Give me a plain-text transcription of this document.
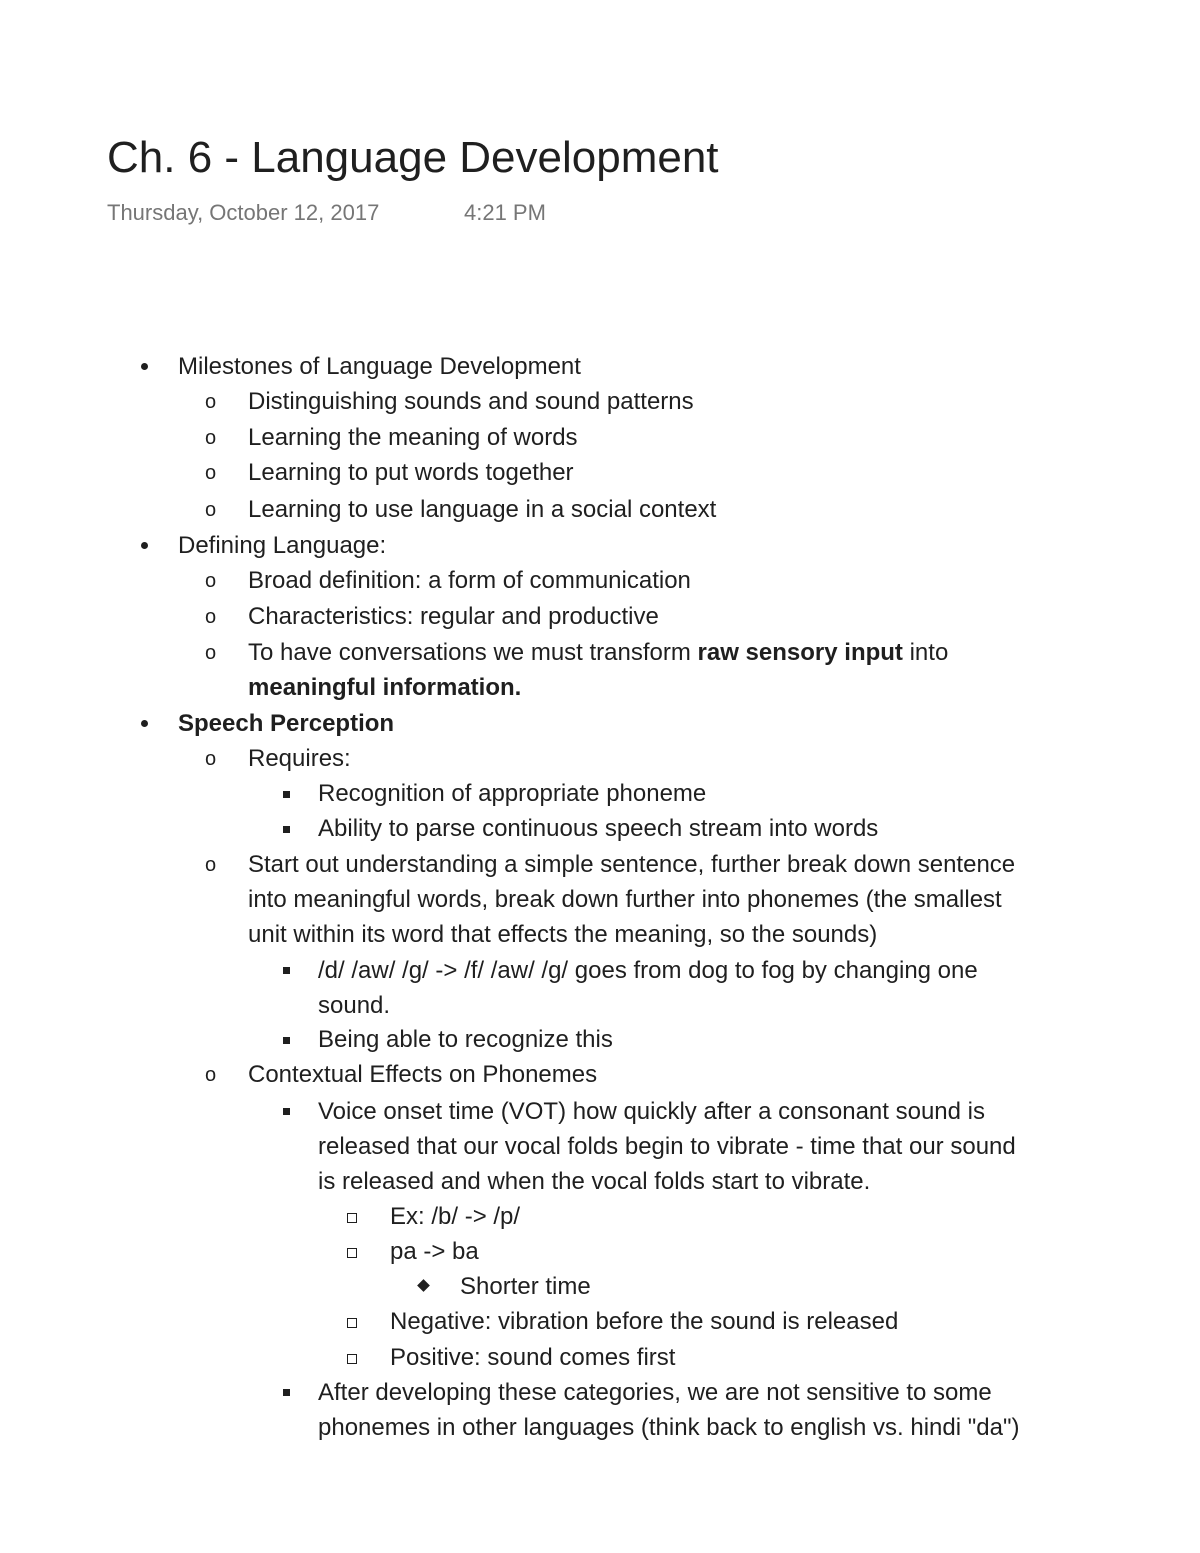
Ch. 6 - Language Development
Thursday, October 12, 2017	4:21 PM
Milestones of Language Development
o Distinguishing sounds and sound patterns
o Learning the meaning of words
o Learning to put words together
o Learning to use language in a social context
Defining Language:
o Broad definition: a form of communication
o Characteristics: regular and productive
o To have conversations we must transform raw sensory input into
meaningful information.
Speech Perception
o Requires:
Recognition of appropriate phoneme
Ability to parse continuous speech stream into words
o Start out understanding a simple sentence, further break down sentence
into meaningful words, break down further into phonemes (the smallest
unit within its word that effects the meaning, so the sounds)
/d/ /aw/ /g/ -> /f/ /aw/ /g/ goes from dog to fog by changing one
sound.
Being able to recognize this
o Contextual Effects on Phonemes
Voice onset time (VOT) how quickly after a consonant sound is
released that our vocal folds begin to vibrate - time that our sound
is released and when the vocal folds start to vibrate.
Ex: /b/ -> /p/
pa -> ba
Shorter time
Negative: vibration before the sound is released
Positive: sound comes first
After developing these categories, we are not sensitive to some
phonemes in other languages (think back to english vs. hindi "da")
